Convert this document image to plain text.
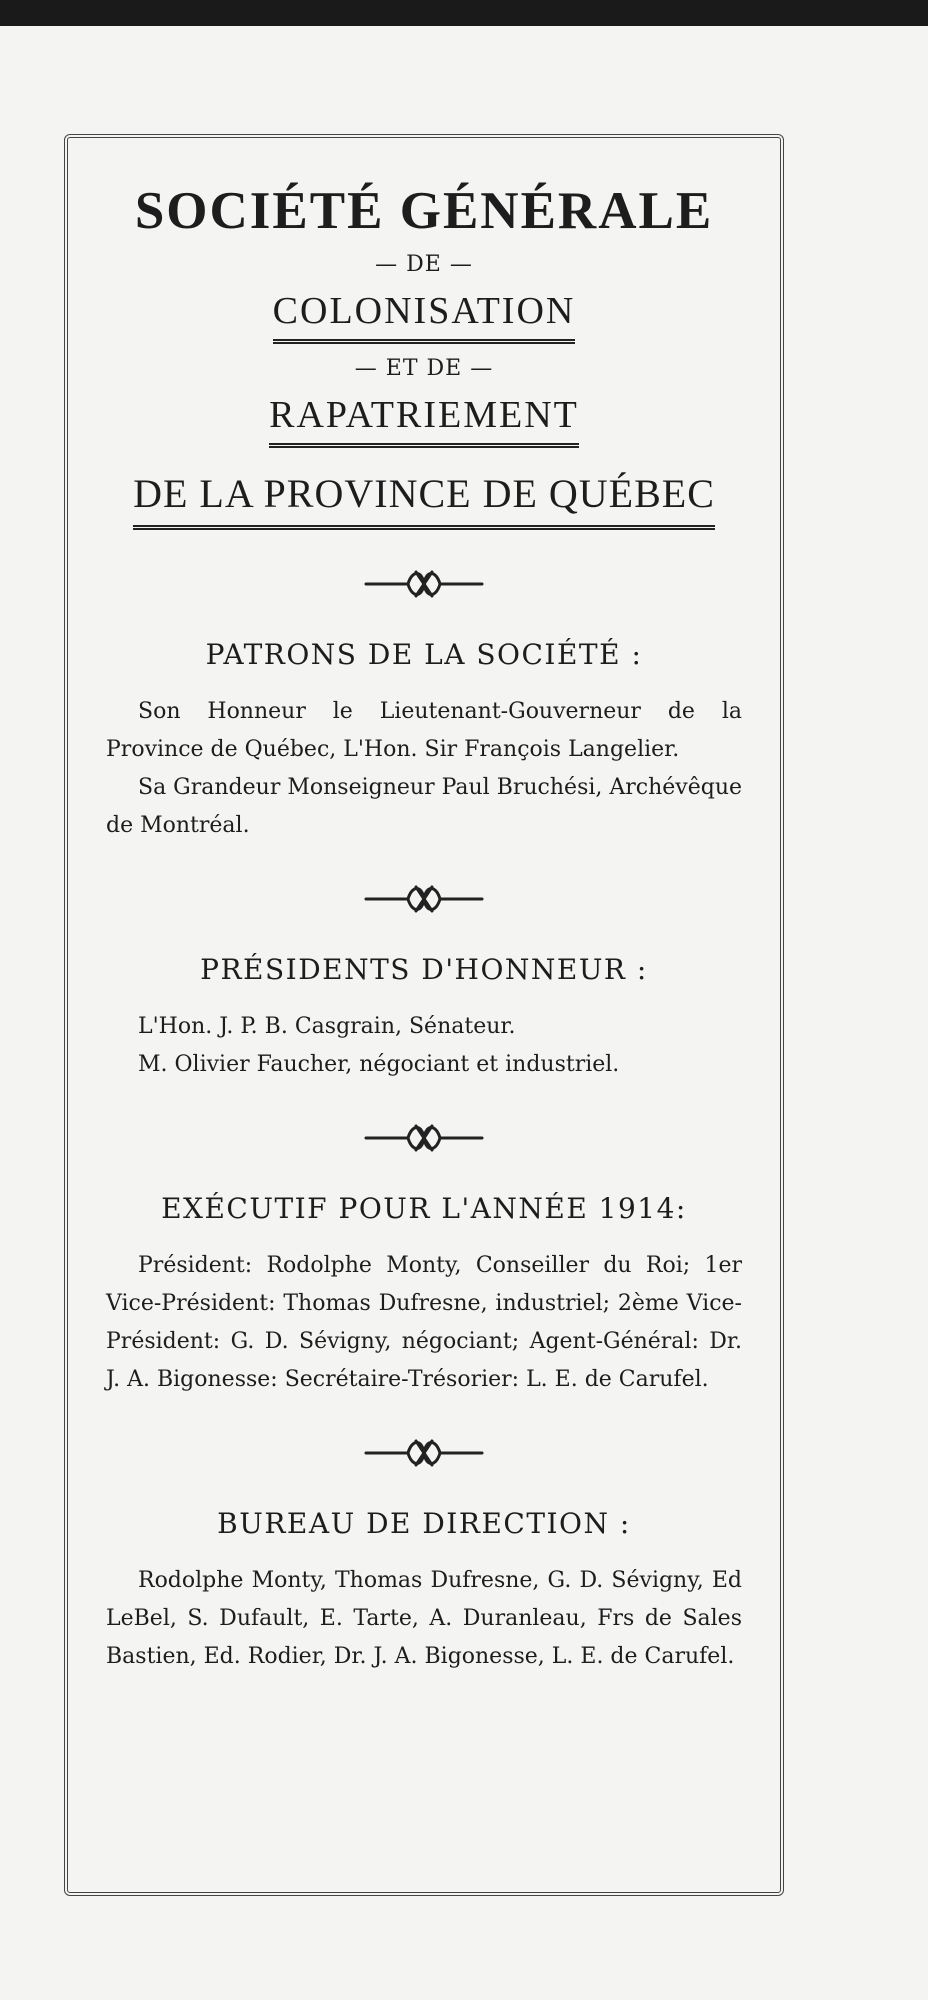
SOCIÉTÉ GÉNÉRALE
— DE —
COLONISATION
— ET DE —
RAPATRIEMENT
DE LA PROVINCE DE QUÉBEC
PATRONS DE LA SOCIÉTÉ :

Son Honneur le Lieutenant-Gouverneur de la Province de Québec, L'Hon. Sir François Langelier.

Sa Grandeur Monseigneur Paul Bruchési, Archévêque de Montréal.

PRÉSIDENTS D'HONNEUR :

L'Hon. J. P. B. Casgrain, Sénateur.

M. Olivier Faucher, négociant et industriel.

EXÉCUTIF POUR L'ANNÉE 1914:

Président: Rodolphe Monty, Conseiller du Roi; 1er Vice-Président: Thomas Dufresne, industriel; 2ème Vice-Président: G. D. Sévigny, négociant; Agent-Général: Dr. J. A. Bigonesse: Secrétaire-Trésorier: L. E. de Carufel.

BUREAU DE DIRECTION :

Rodolphe Monty, Thomas Dufresne, G. D. Sévigny, Ed LeBel, S. Dufault, E. Tarte, A. Duranleau, Frs de Sales Bastien, Ed. Rodier, Dr. J. A. Bigonesse, L. E. de Carufel.
